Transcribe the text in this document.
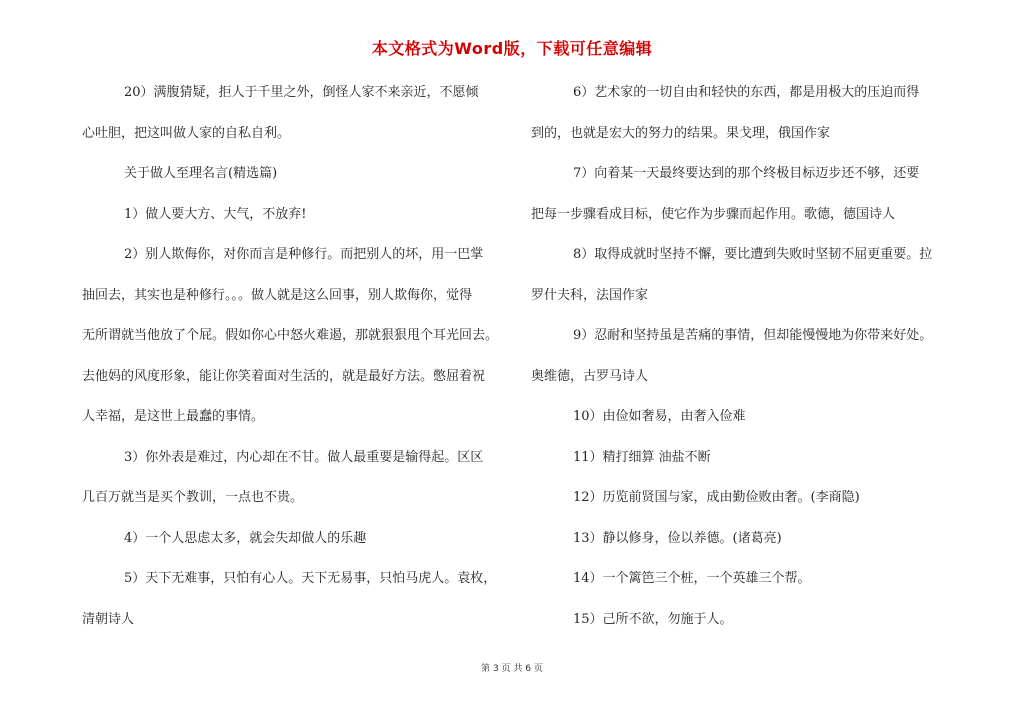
本文格式为Word版，下载可任意编辑
20）满腹猜疑，拒人于千里之外，倒怪人家不来亲近，不愿倾
心吐胆，把这叫做人家的自私自利。
关于做人至理名言(精选篇)
1）做人要大方、大气，不放弃!
2）别人欺侮你，对你而言是种修行。而把别人的坏，用一巴掌
抽回去，其实也是种修行。。。做人就是这么回事，别人欺侮你，觉得
无所谓就当他放了个屁。假如你心中怒火难遏，那就狠狠甩个耳光回去。
去他妈的风度形象，能让你笑着面对生活的，就是最好方法。憋屈着祝
人幸福，是这世上最蠢的事情。
3）你外表是难过，内心却在不甘。做人最重要是输得起。区区
几百万就当是买个教训，一点也不贵。
4）一个人思虑太多，就会失却做人的乐趣
5）天下无难事，只怕有心人。天下无易事，只怕马虎人。袁枚，
清朝诗人
6）艺术家的一切自由和轻快的东西，都是用极大的压迫而得
到的，也就是宏大的努力的结果。果戈理，俄国作家
7）向着某一天最终要达到的那个终极目标迈步还不够，还要
把每一步骤看成目标，使它作为步骤而起作用。歌德，德国诗人
8）取得成就时坚持不懈，要比遭到失败时坚韧不屈更重要。拉
罗什夫科，法国作家
9）忍耐和坚持虽是苦痛的事情，但却能慢慢地为你带来好处。
奥维德，古罗马诗人
10）由俭如奢易，由奢入俭难
11）精打细算 油盐不断
12）历览前贤国与家，成由勤俭败由奢。(李商隐)
13）静以修身，俭以养德。(诸葛亮)
14）一个篱笆三个桩，一个英雄三个帮。
15）己所不欲，勿施于人。
第 3 页 共 6 页
